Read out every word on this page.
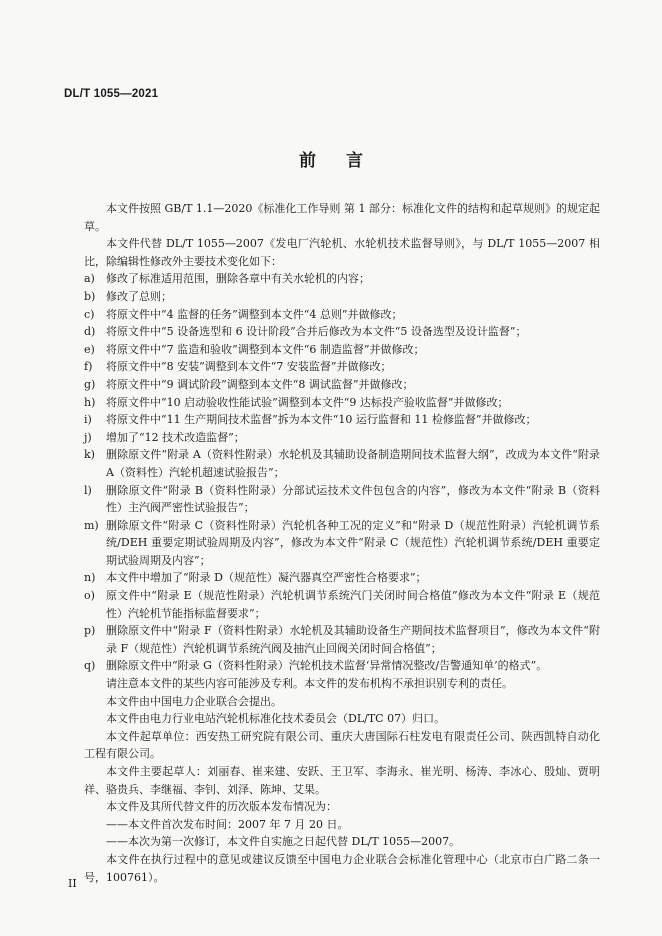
DL/T 1055—2021
前言

本文件按照 GB/T 1.1—2020《标准化工作导则 第 1 部分：标准化文件的结构和起草规则》的规定起草。

本文件代替 DL/T 1055—2007《发电厂汽轮机、水轮机技术监督导则》，与 DL/T 1055—2007 相比，除编辑性修改外主要技术变化如下：

a)	修改了标准适用范围，删除各章中有关水轮机的内容；
b) 修改了总则；
c)	将原文件中“4 监督的任务”调整到本文件“4 总则”并做修改；
d) 将原文件中“5 设备选型和 6 设计阶段”合并后修改为本文件“5 设备选型及设计监督”；
e)	将原文件中“7 监造和验收”调整到本文件“6 制造监督”并做修改；
f)	将原文件中“8 安装”调整到本文件“7 安装监督”并做修改；
g) 将原文件中“9 调试阶段”调整到本文件“8 调试监督”并做修改；
h) 将原文件中“10 启动验收性能试验”调整到本文件“9 达标投产验收监督”并做修改；
i)	将原文件中“11 生产期间技术监督”拆为本文件“10 运行监督和 11 检修监督”并做修改；
j)	增加了“12 技术改造监督”；
k)	删除原文件“附录 A（资料性附录）水轮机及其辅助设备制造期间技术监督大纲”，改成为本文件“附录 A（资料性）汽轮机超速试验报告”；
l)	删除原文件“附录 B（资料性附录）分部试运技术文件包包含的内容”，修改为本文件“附录 B（资料性）主汽阀严密性试验报告”；
m) 删除原文件“附录 C（资料性附录）汽轮机各种工况的定义”和“附录 D（规范性附录）汽轮机调节系统/DEH 重要定期试验周期及内容”，修改为本文件“附录 C（规范性）汽轮机调节系统/DEH 重要定期试验周期及内容”；
n) 本文件中增加了“附录 D（规范性）凝汽器真空严密性合格要求”；
o)	原文件中“附录 E（规范性附录）汽轮机调节系统汽门关闭时间合格值”修改为本文件“附录 E（规范性）汽轮机节能指标监督要求”；
p) 删除原文件中“附录 F（资料性附录）水轮机及其辅助设备生产期间技术监督项目”，修改为本文件“附录 F（规范性）汽轮机调节系统汽阀及抽汽止回阀关闭时间合格值”；
q) 删除原文件中“附录 G（资料性附录）汽轮机技术监督‘异常情况整改/告警通知单’的格式”。

请注意本文件的某些内容可能涉及专利。本文件的发布机构不承担识别专利的责任。

本文件由中国电力企业联合会提出。

本文件由电力行业电站汽轮机标准化技术委员会（DL/TC 07）归口。

本文件起草单位：西安热工研究院有限公司、重庆大唐国际石柱发电有限责任公司、陕西凯特自动化工程有限公司。

本文件主要起草人：刘丽春、崔来建、安跃、王卫军、李海永、崔光明、杨涛、李冰心、殷灿、贾明祥、骆贵兵、李继福、李钊、刘泽、陈坤、艾果。

本文件及其所代替文件的历次版本发布情况为：

——本文件首次发布时间：2007 年 7 月 20 日。

——本次为第一次修订，本文件自实施之日起代替 DL/T 1055—2007。

本文件在执行过程中的意见或建议反馈至中国电力企业联合会标准化管理中心（北京市白广路二条一号，100761）。

II
